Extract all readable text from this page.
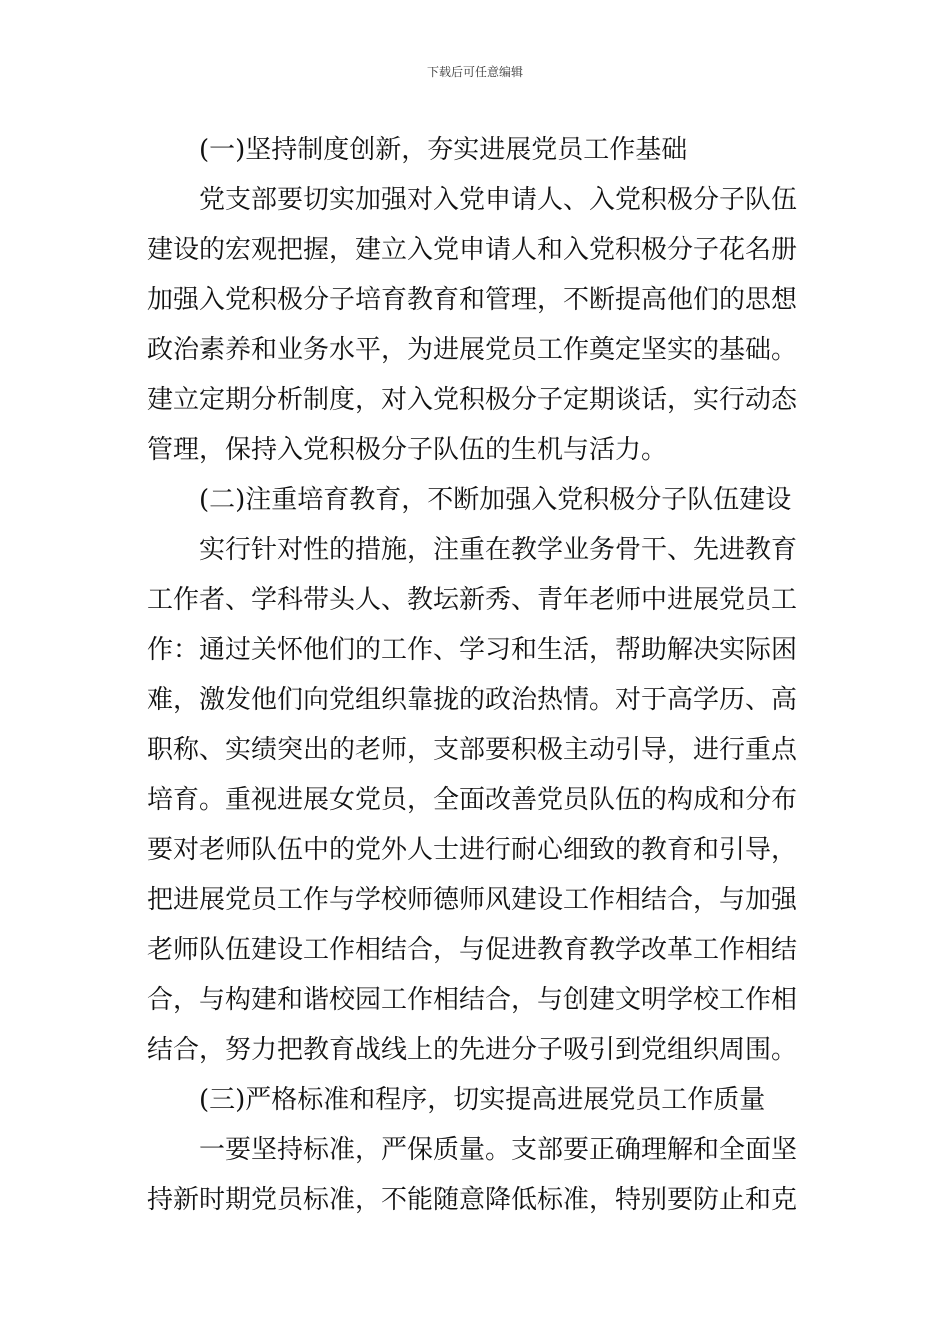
下载后可任意编辑
(一)坚持制度创新，夯实进展党员工作基础
党支部要切实加强对入党申请人、入党积极分子队伍
建设的宏观把握，建立入党申请人和入党积极分子花名册
加强入党积极分子培育教育和管理，不断提高他们的思想
政治素养和业务水平，为进展党员工作奠定坚实的基础。
建立定期分析制度，对入党积极分子定期谈话，实行动态
管理，保持入党积极分子队伍的生机与活力。
(二)注重培育教育，不断加强入党积极分子队伍建设
实行针对性的措施，注重在教学业务骨干、先进教育
工作者、学科带头人、教坛新秀、青年老师中进展党员工
作：通过关怀他们的工作、学习和生活，帮助解决实际困
难，激发他们向党组织靠拢的政治热情。对于高学历、高
职称、实绩突出的老师，支部要积极主动引导，进行重点
培育。重视进展女党员，全面改善党员队伍的构成和分布
要对老师队伍中的党外人士进行耐心细致的教育和引导，
把进展党员工作与学校师德师风建设工作相结合，与加强
老师队伍建设工作相结合，与促进教育教学改革工作相结
合，与构建和谐校园工作相结合，与创建文明学校工作相
结合，努力把教育战线上的先进分子吸引到党组织周围。
(三)严格标准和程序，切实提高进展党员工作质量
一要坚持标准，严保质量。支部要正确理解和全面坚
持新时期党员标准，不能随意降低标准，特别要防止和克
